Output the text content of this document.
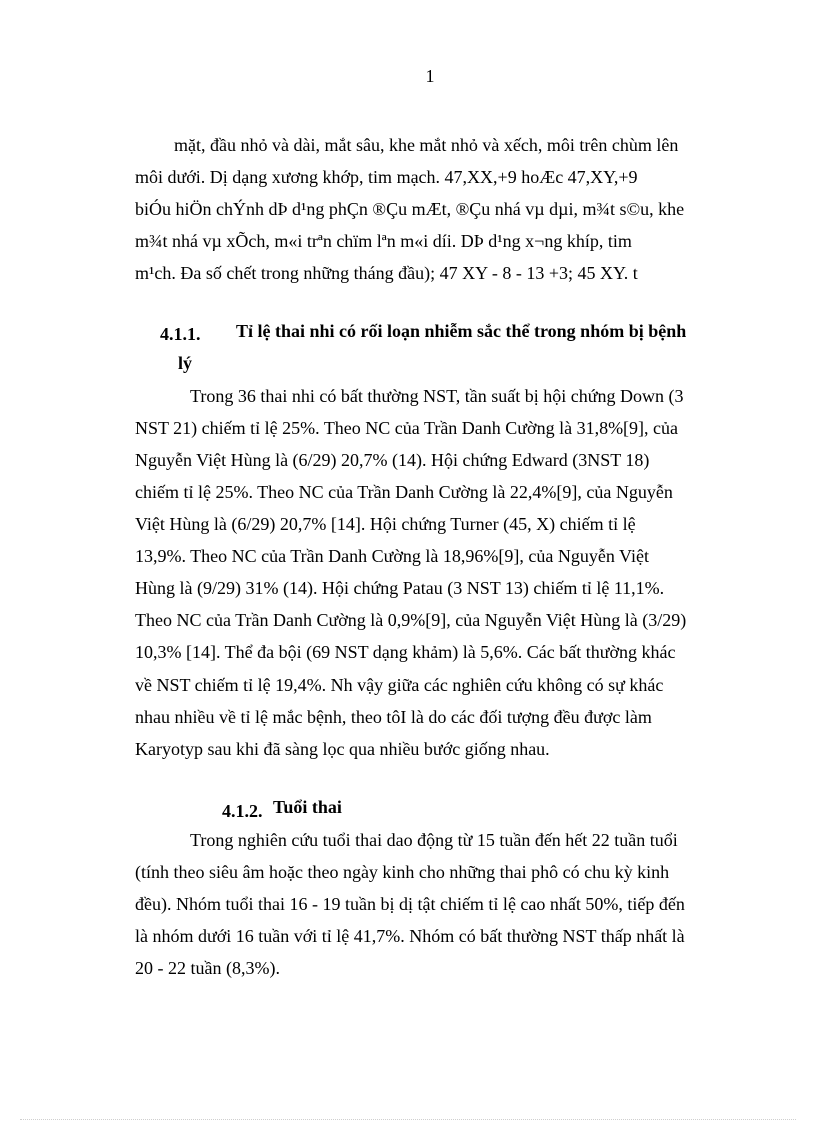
1
mặt, đầu nhỏ và dài, mắt sâu, khe mắt nhỏ và xếch, môi trên chùm lên
môi dưới. Dị dạng xương khớp, tim mạch. 47,XX,+9 hoÆc 47,XY,+9
biÓu hiÖn chÝnh dÞ d¹ng phÇn ®Çu mÆt, ®Çu nhá vµ dµi, m¾t s©u, khe
m¾t nhá vµ xÕch, m«i trªn chïm lªn m«i díi. DÞ d¹ng x¬ng khíp, tim
m¹ch. Đa số chết trong những tháng đầu); 47 XY - 8 - 13 +3; 45 XY. t
4.1.1. Tỉ lệ thai nhi có rối loạn nhiễm sắc thể trong nhóm bị bệnh
lý
Trong 36 thai nhi có bất thường NST, tần suất bị hội chứng Down (3
NST 21) chiếm tỉ lệ 25%. Theo NC của Trần Danh Cường là 31,8%[9], của
Nguyễn Việt Hùng là (6/29) 20,7% (14). Hội chứng Edward (3NST 18)
chiếm tỉ lệ 25%. Theo NC của Trần Danh Cường là 22,4%[9], của Nguyễn
Việt Hùng là (6/29) 20,7% [14]. Hội chứng Turner (45, X) chiếm tỉ lệ
13,9%. Theo NC của Trần Danh Cường là 18,96%[9], của Nguyễn Việt
Hùng là (9/29) 31% (14). Hội chứng Patau (3 NST 13) chiếm tỉ lệ 11,1%.
Theo NC của Trần Danh Cường là 0,9%[9], của Nguyễn Việt Hùng là (3/29)
10,3% [14]. Thể đa bội (69 NST dạng khảm) là 5,6%. Các bất thường khác
về NST chiếm tỉ lệ 19,4%. Nh vậy giữa các nghiên cứu không có sự khác
nhau nhiều về tỉ lệ mắc bệnh, theo tôI là do các đối tượng đều được làm
Karyotyp sau khi đã sàng lọc qua nhiều bước giống nhau.
4.1.2. Tuổi thai
Trong nghiên cứu tuổi thai dao động từ 15 tuần đến hết 22 tuần tuổi
(tính theo siêu âm hoặc theo ngày kinh cho những thai phô có chu kỳ kinh
đều). Nhóm tuổi thai 16 - 19 tuần bị dị tật chiếm tỉ lệ cao nhất 50%, tiếp đến
là nhóm dưới 16 tuần với tỉ lệ 41,7%. Nhóm có bất thường NST thấp nhất là
20 - 22 tuần (8,3%).
